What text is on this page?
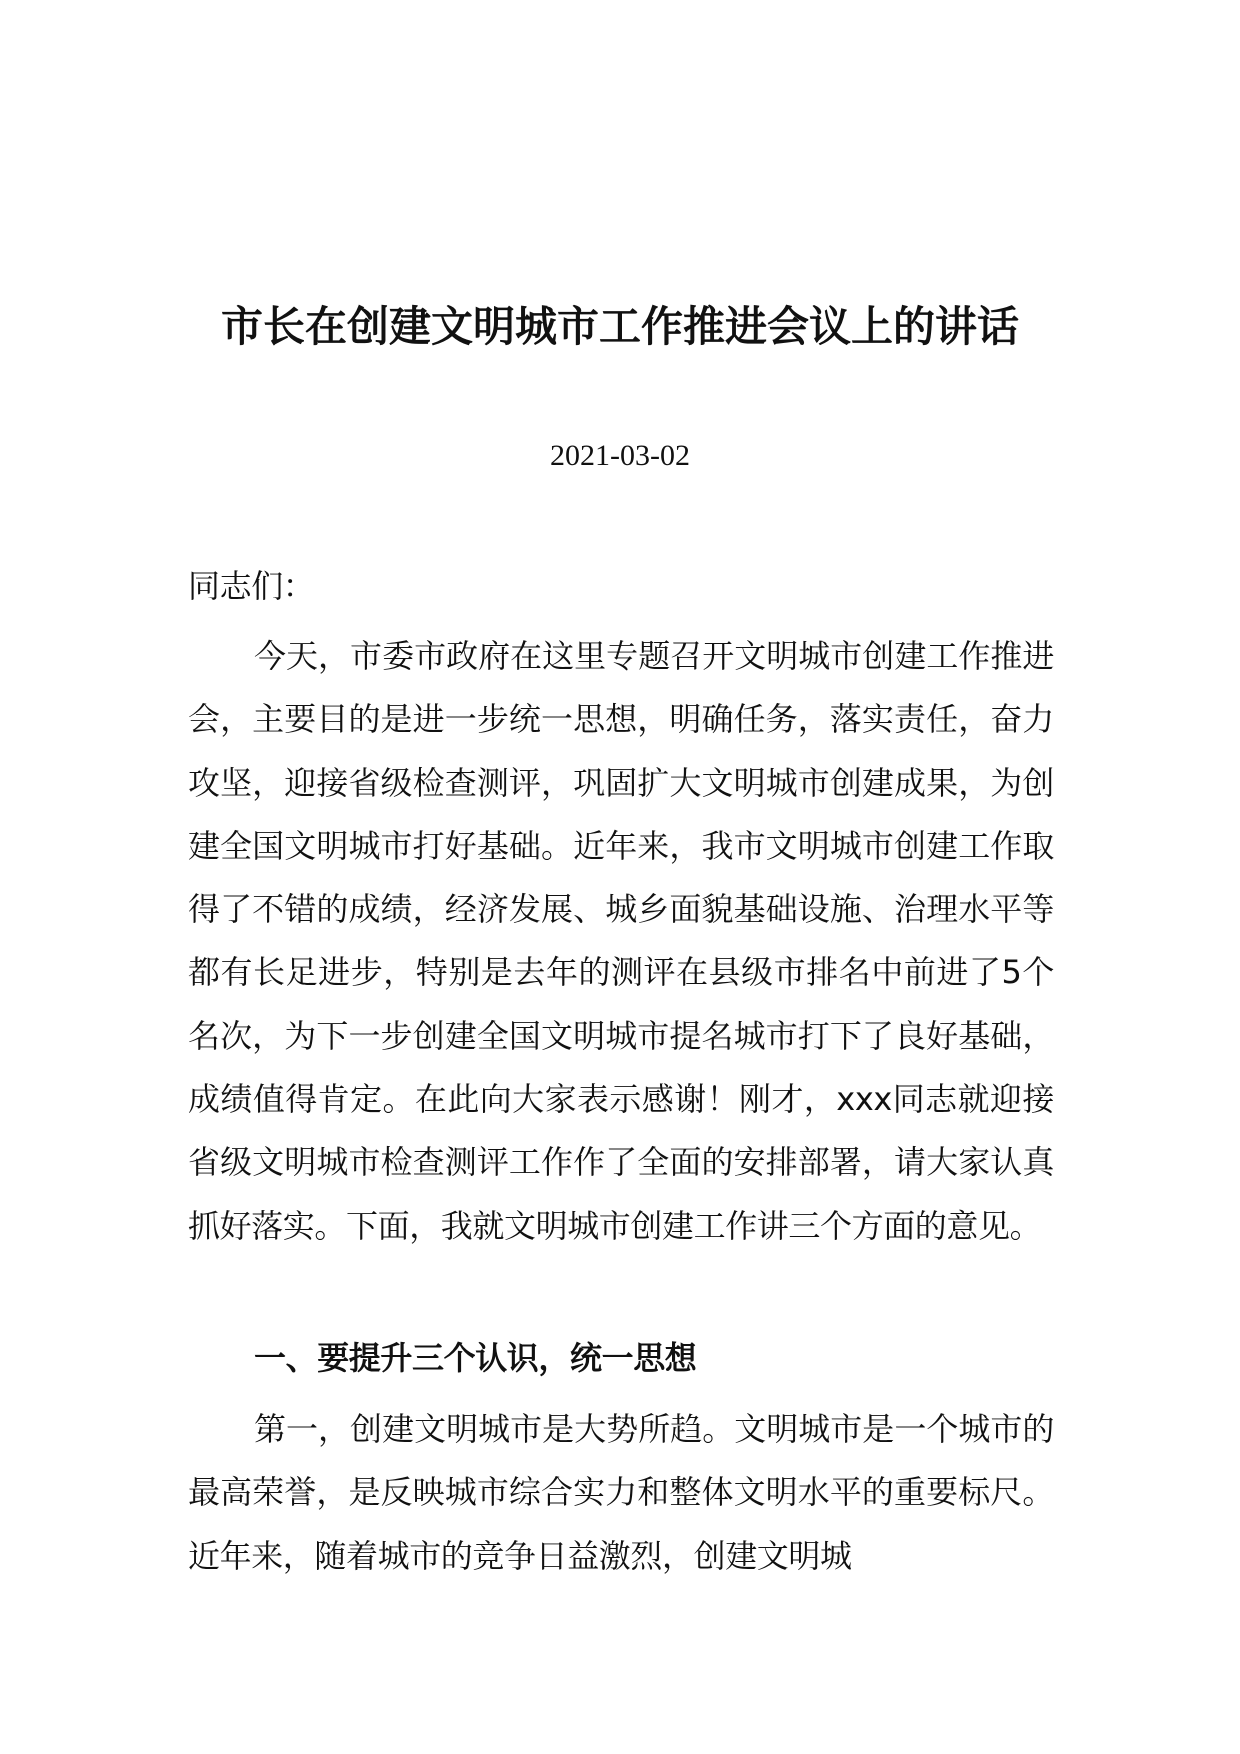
市长在创建文明城市工作推进会议上的讲话
2021-03-02

同志们：

今天，市委市政府在这里专题召开文明城市创建工作推进会，主要目的是进一步统一思想，明确任务，落实责任，奋力攻坚，迎接省级检查测评，巩固扩大文明城市创建成果，为创建全国文明城市打好基础。近年来，我市文明城市创建工作取得了不错的成绩，经济发展、城乡面貌基础设施、治理水平等都有长足进步，特别是去年的测评在县级市排名中前进了5个名次，为下一步创建全国文明城市提名城市打下了良好基础，成绩值得肯定。在此向大家表示感谢！刚才，xxx同志就迎接省级文明城市检查测评工作作了全面的安排部署，请大家认真抓好落实。下面，我就文明城市创建工作讲三个方面的意见。

一、要提升三个认识，统一思想

第一，创建文明城市是大势所趋。文明城市是一个城市的最高荣誉，是反映城市综合实力和整体文明水平的重要标尺。近年来，随着城市的竞争日益激烈，创建文明城
